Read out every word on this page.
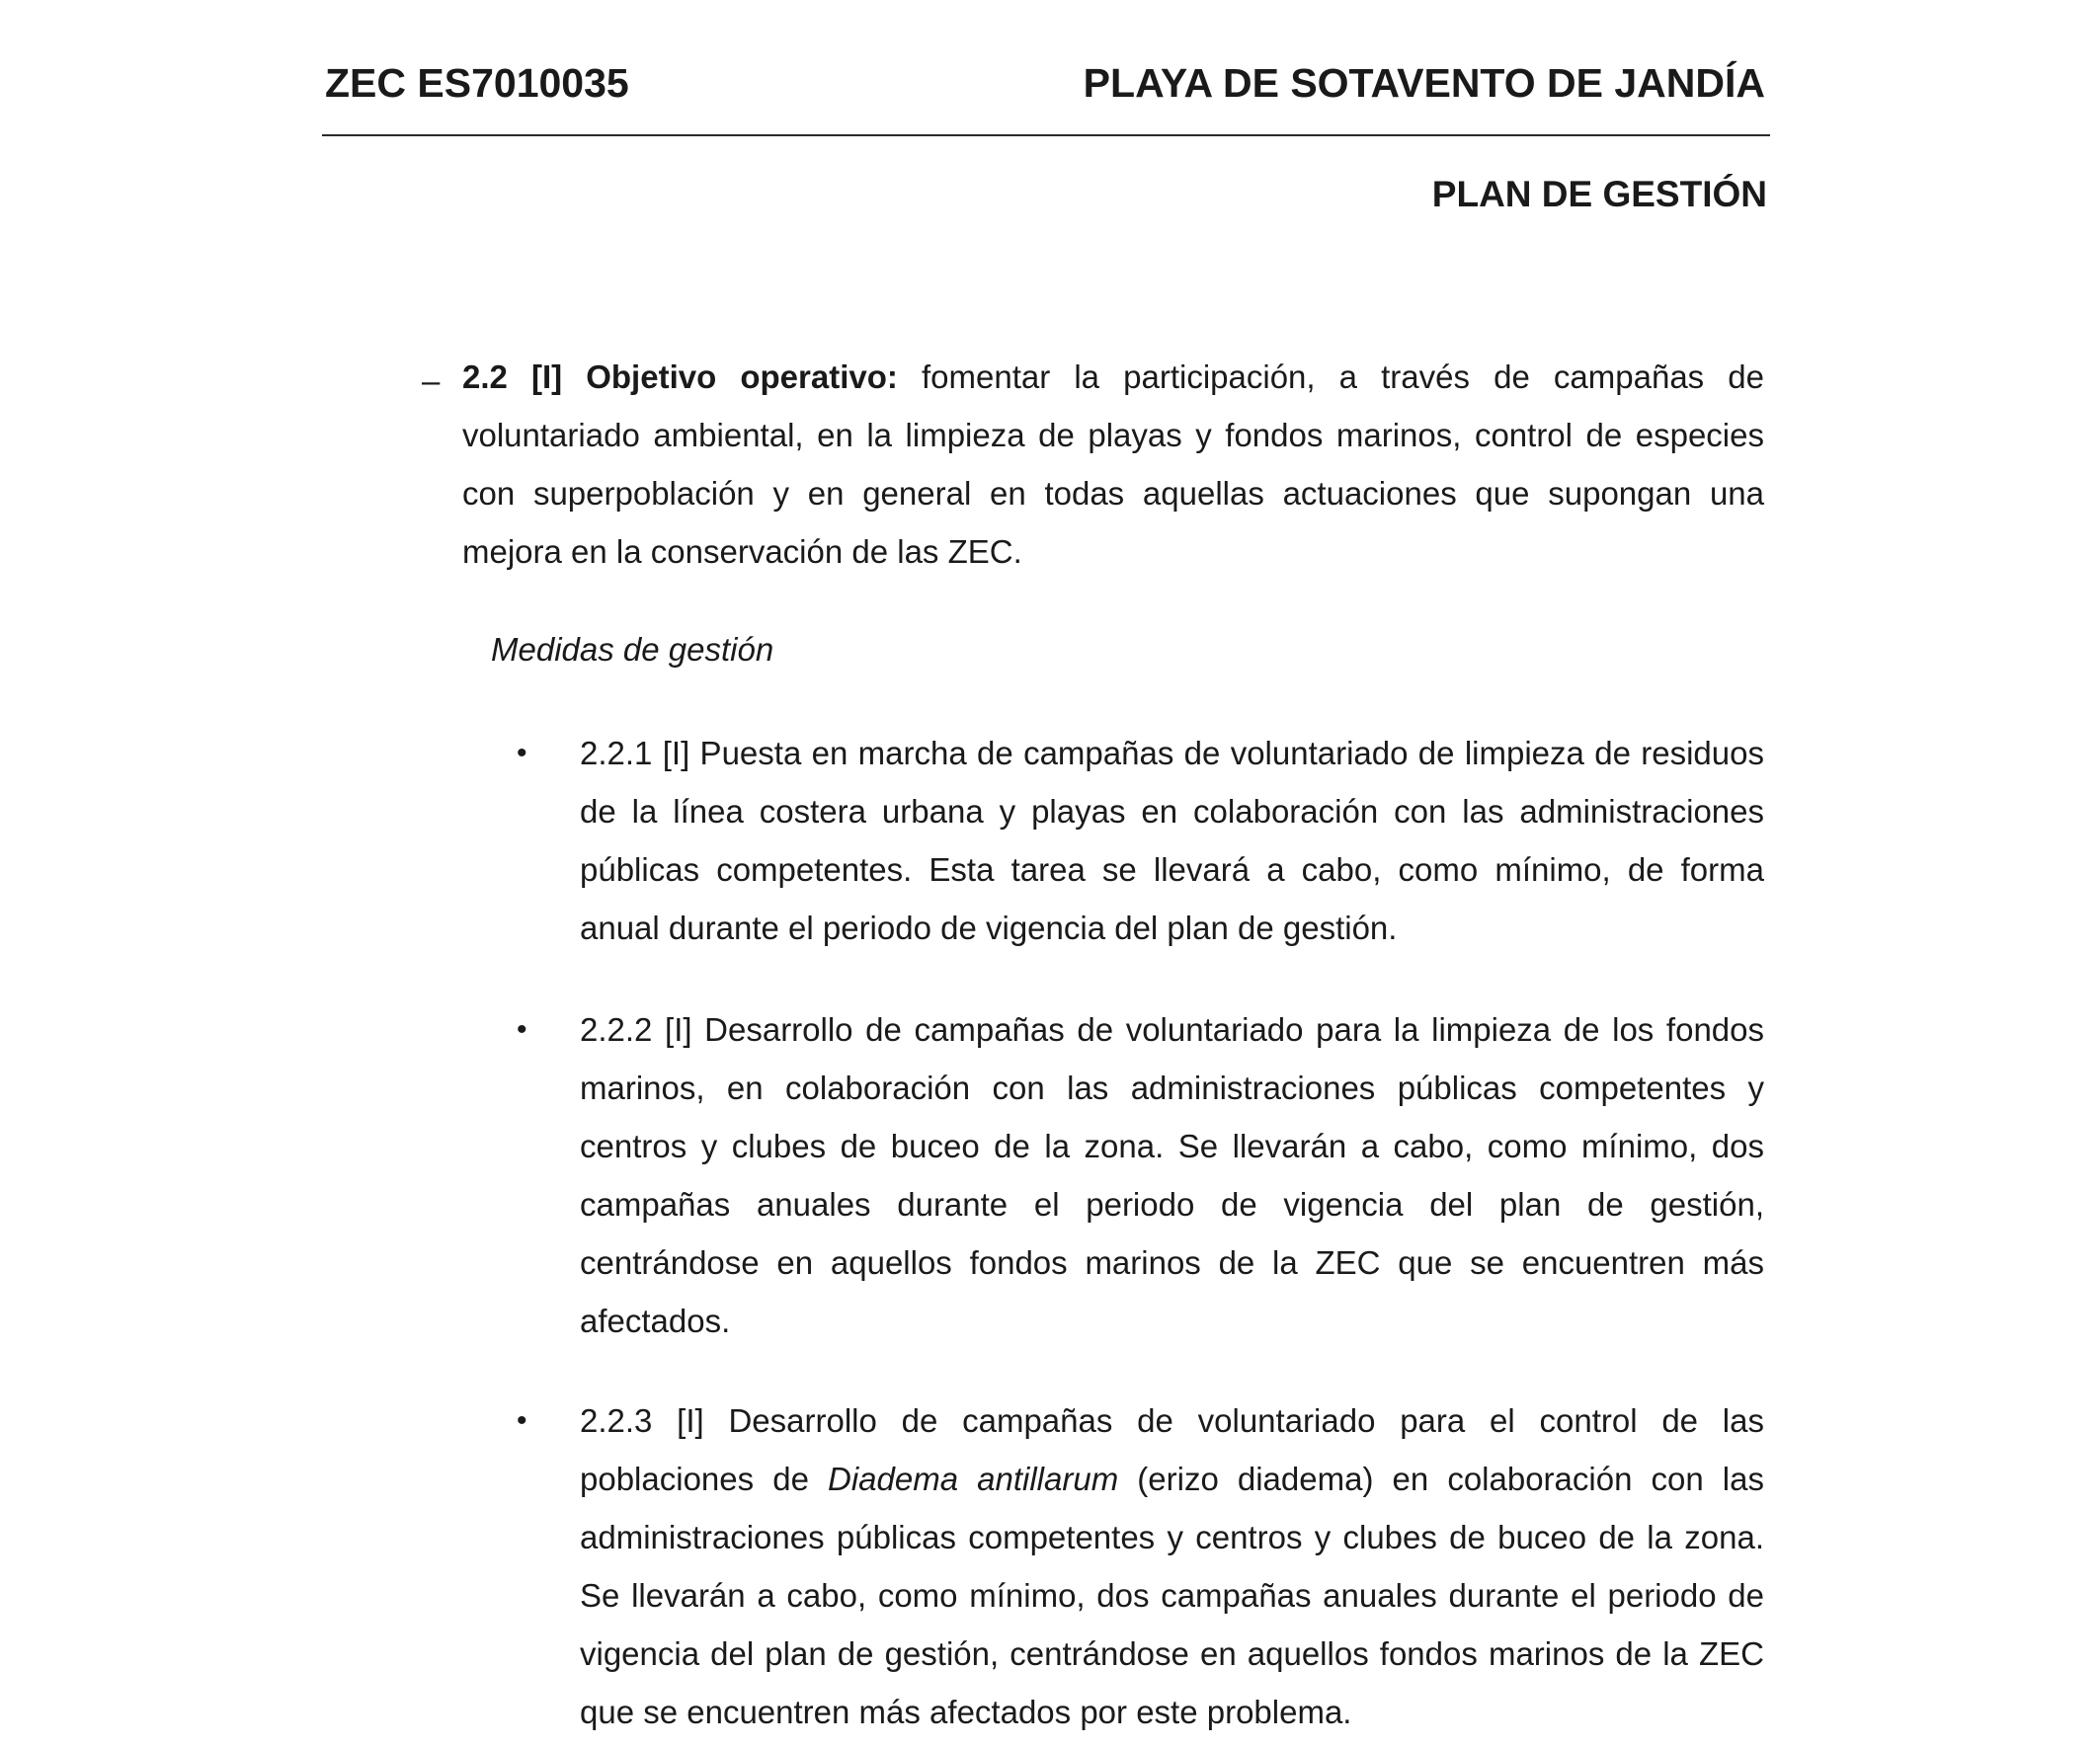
ZEC ES7010035	PLAYA DE SOTAVENTO DE JANDÍA
PLAN DE GESTIÓN
– 2.2 [I] Objetivo operativo: fomentar la participación, a través de campañas de voluntariado ambiental, en la limpieza de playas y fondos marinos, control de especies con superpoblación y en general en todas aquellas actuaciones que supongan una mejora en la conservación de las ZEC.
Medidas de gestión
• 2.2.1 [I] Puesta en marcha de campañas de voluntariado de limpieza de residuos de la línea costera urbana y playas en colaboración con las administraciones públicas competentes. Esta tarea se llevará a cabo, como mínimo, de forma anual durante el periodo de vigencia del plan de gestión.
• 2.2.2 [I] Desarrollo de campañas de voluntariado para la limpieza de los fondos marinos, en colaboración con las administraciones públicas competentes y centros y clubes de buceo de la zona. Se llevarán a cabo, como mínimo, dos campañas anuales durante el periodo de vigencia del plan de gestión, centrándose en aquellos fondos marinos de la ZEC que se encuentren más afectados.
• 2.2.3 [I] Desarrollo de campañas de voluntariado para el control de las poblaciones de Diadema antillarum (erizo diadema) en colaboración con las administraciones públicas competentes y centros y clubes de buceo de la zona. Se llevarán a cabo, como mínimo, dos campañas anuales durante el periodo de vigencia del plan de gestión, centrándose en aquellos fondos marinos de la ZEC que se encuentren más afectados por este problema.
